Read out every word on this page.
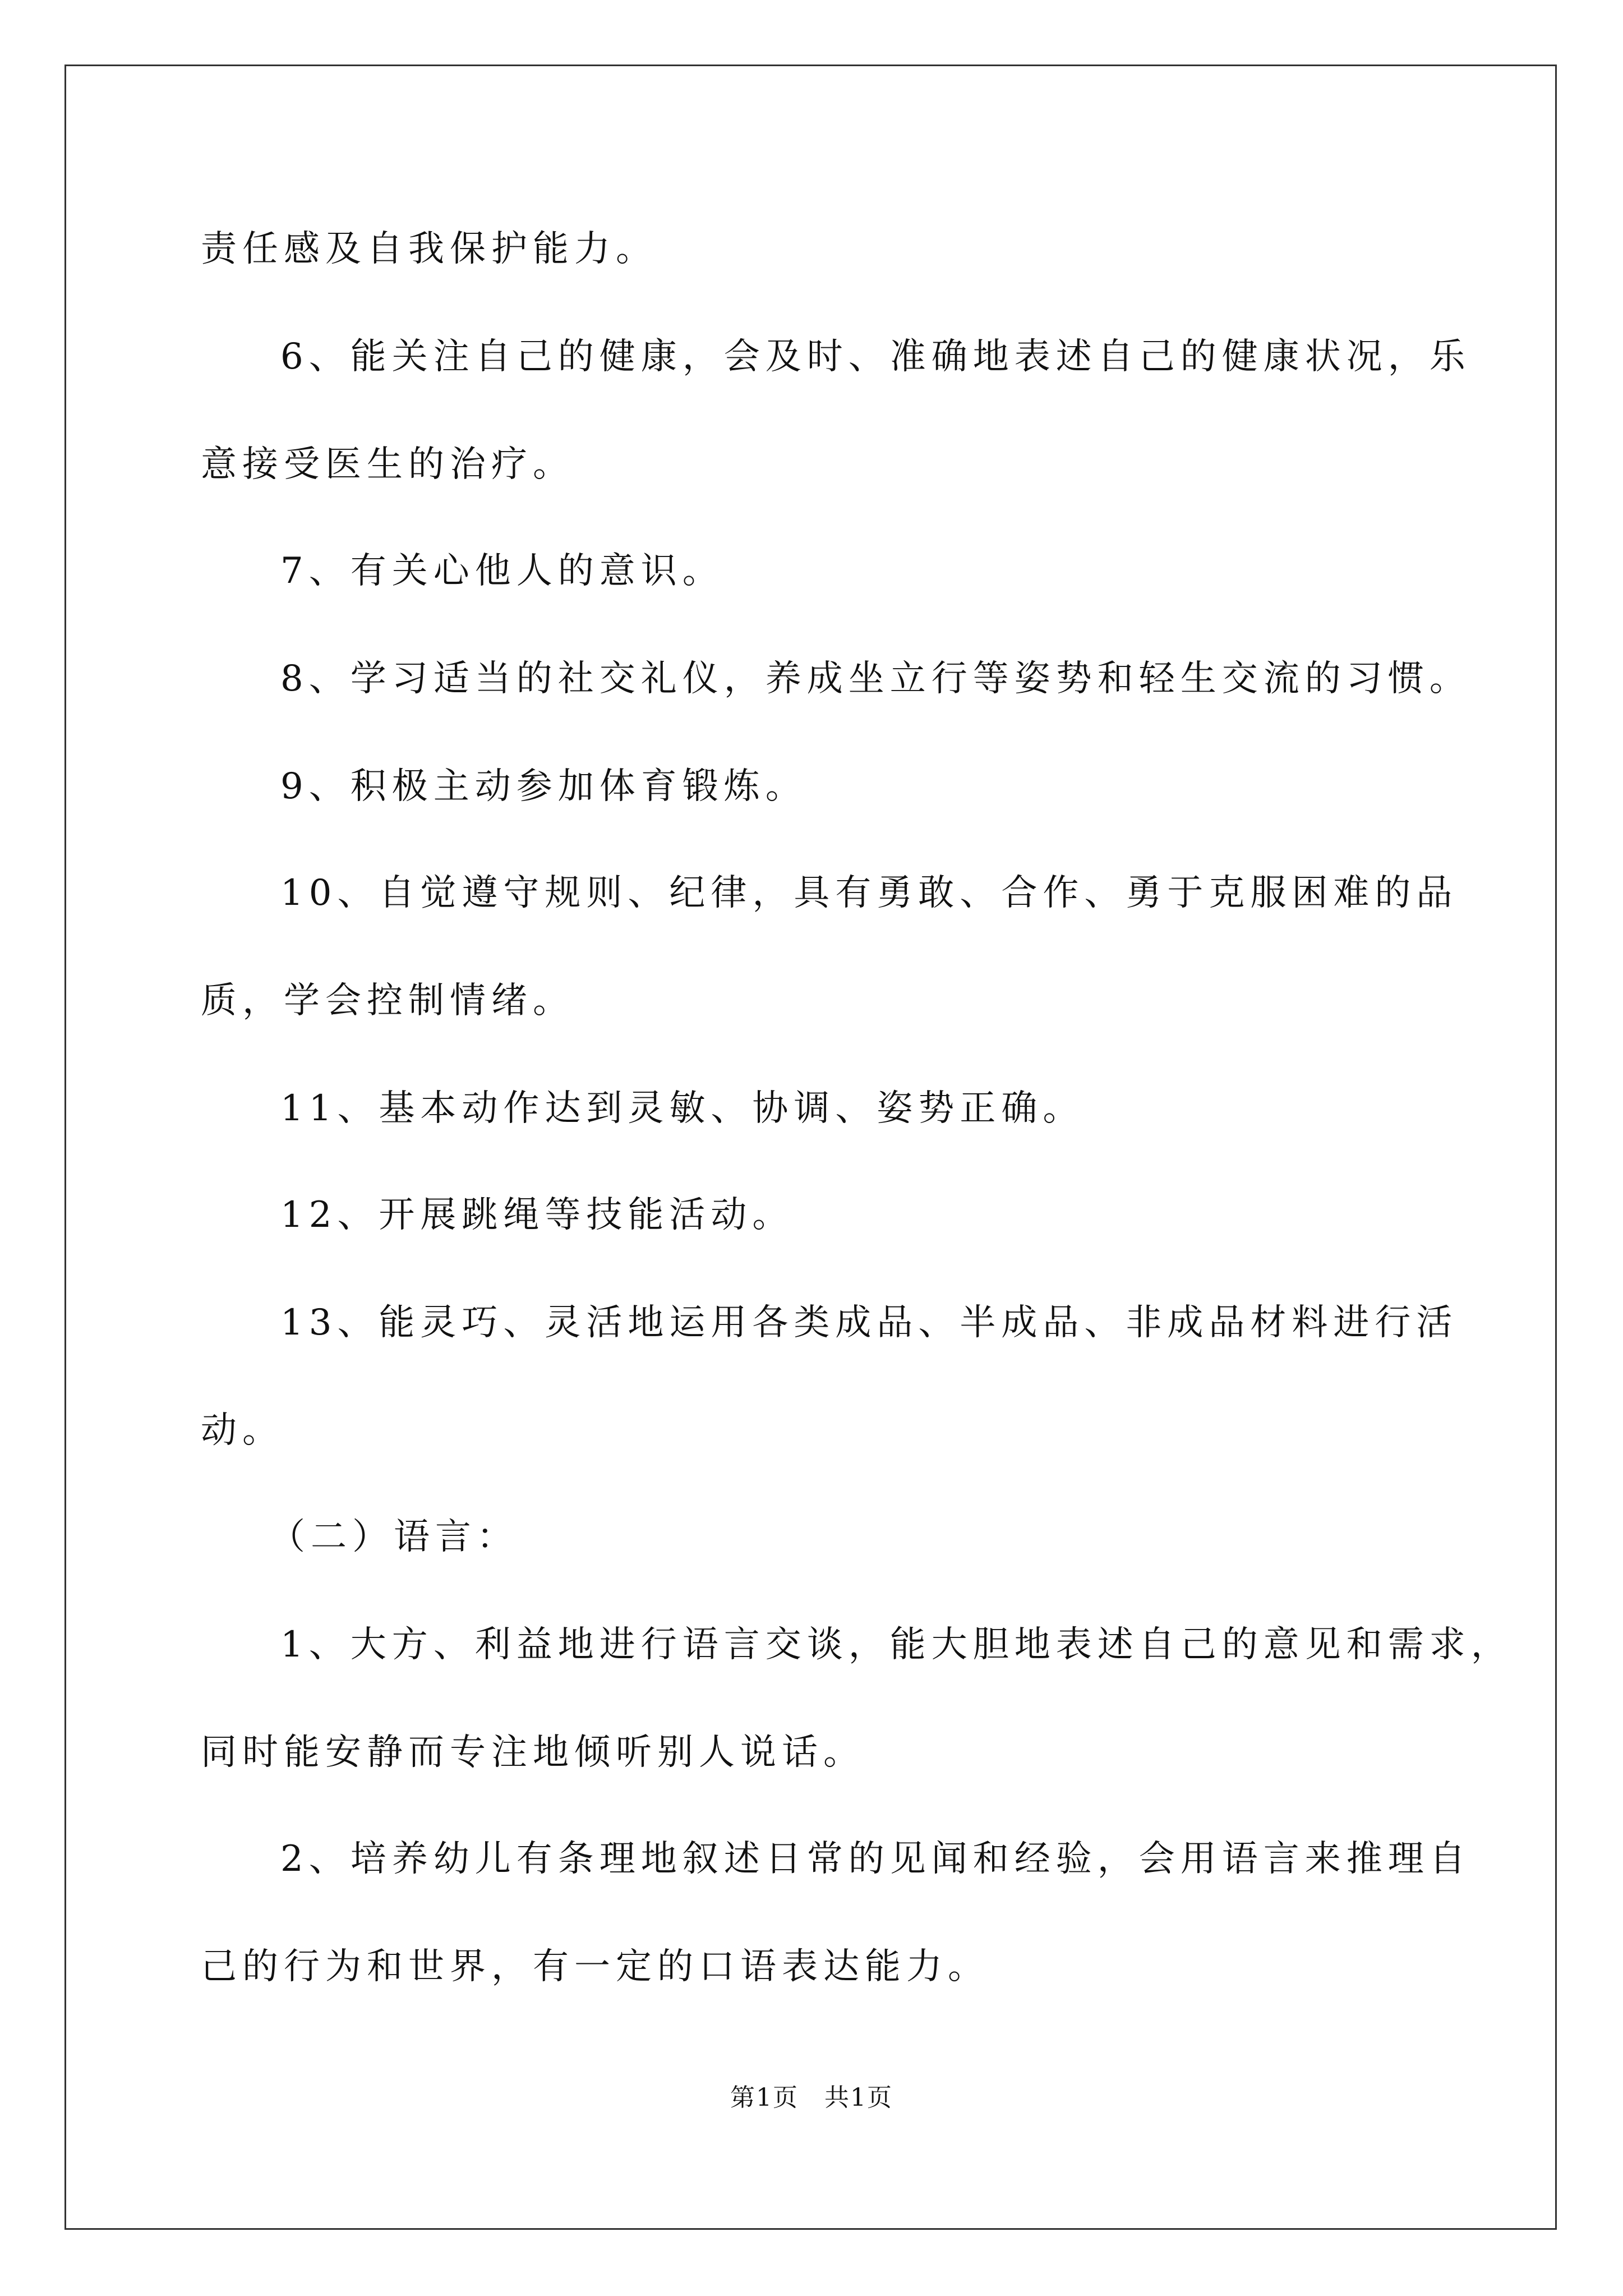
责任感及自我保护能力。
6、能关注自己的健康，会及时、准确地表述自己的健康状况，乐
意接受医生的治疗。
7、有关心他人的意识。
8、学习适当的社交礼仪，养成坐立行等姿势和轻生交流的习惯。
9、积极主动参加体育锻炼。
10、自觉遵守规则、纪律，具有勇敢、合作、勇于克服困难的品
质，学会控制情绪。
11、基本动作达到灵敏、协调、姿势正确。
12、开展跳绳等技能活动。
13、能灵巧、灵活地运用各类成品、半成品、非成品材料进行活
动。
（二）语言：
1、大方、利益地进行语言交谈，能大胆地表述自己的意见和需求，
同时能安静而专注地倾听别人说话。
2、培养幼儿有条理地叙述日常的见闻和经验，会用语言来推理自
己的行为和世界，有一定的口语表达能力。
第1页　共1页
